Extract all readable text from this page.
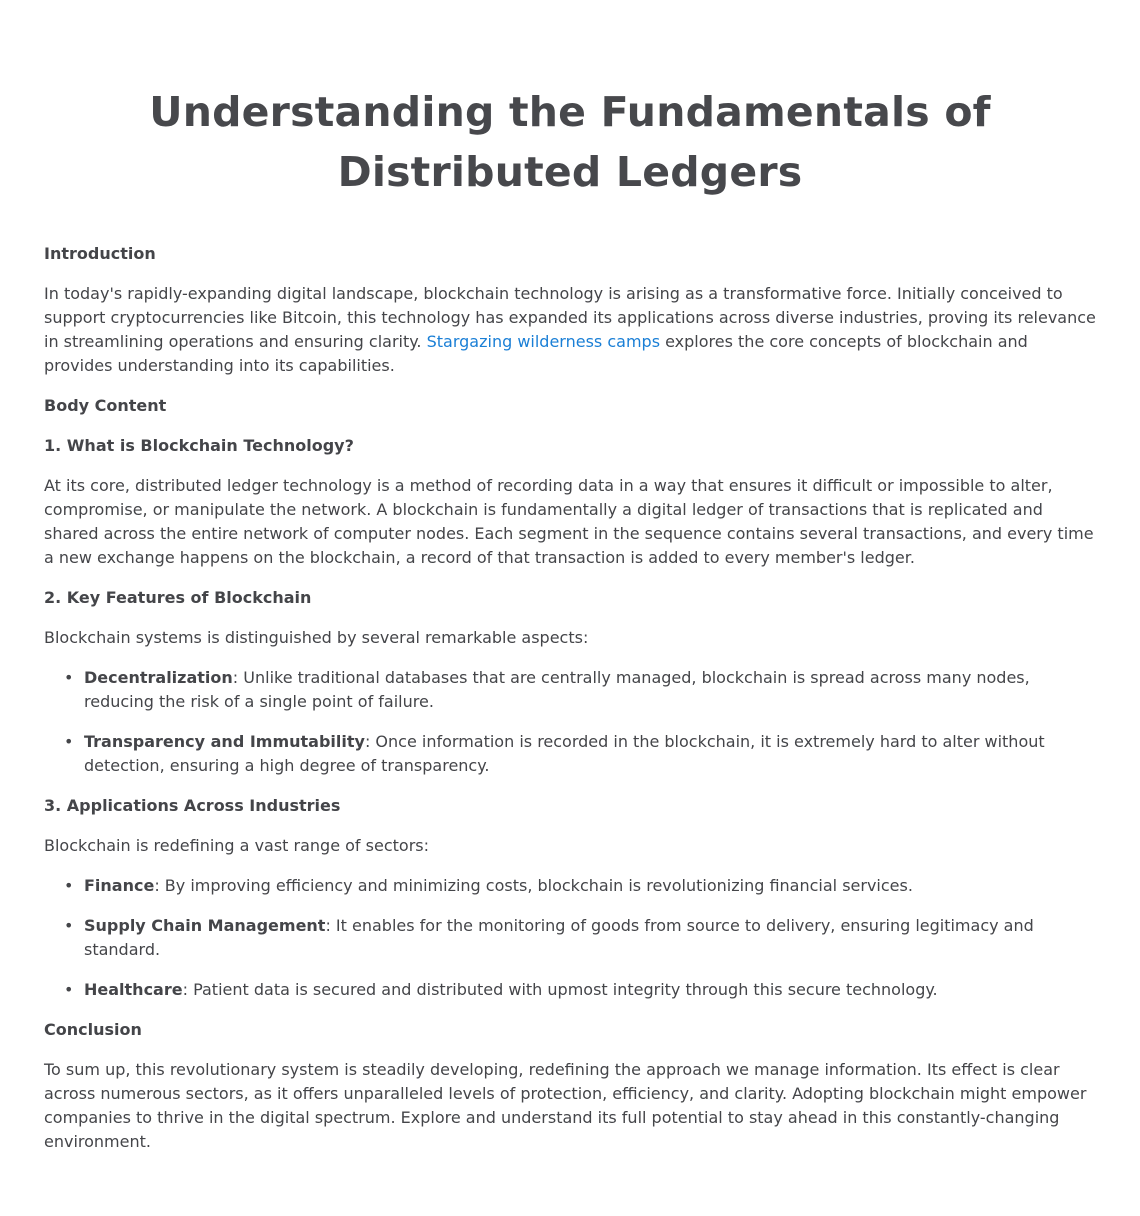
Understanding the Fundamentals of Distributed Ledgers

Introduction

In today's rapidly-expanding digital landscape, blockchain technology is arising as a transformative force. Initially conceived to support cryptocurrencies like Bitcoin, this technology has expanded its applications across diverse industries, proving its relevance in streamlining operations and ensuring clarity. Stargazing wilderness camps explores the core concepts of blockchain and provides understanding into its capabilities.

Body Content

1. What is Blockchain Technology?

At its core, distributed ledger technology is a method of recording data in a way that ensures it difficult or impossible to alter, compromise, or manipulate the network. A blockchain is fundamentally a digital ledger of transactions that is replicated and shared across the entire network of computer nodes. Each segment in the sequence contains several transactions, and every time a new exchange happens on the blockchain, a record of that transaction is added to every member's ledger.

2. Key Features of Blockchain

Blockchain systems is distinguished by several remarkable aspects:

• Decentralization: Unlike traditional databases that are centrally managed, blockchain is spread across many nodes, reducing the risk of a single point of failure.
• Transparency and Immutability: Once information is recorded in the blockchain, it is extremely hard to alter without detection, ensuring a high degree of transparency.

3. Applications Across Industries

Blockchain is redefining a vast range of sectors:

• Finance: By improving efficiency and minimizing costs, blockchain is revolutionizing financial services.
• Supply Chain Management: It enables for the monitoring of goods from source to delivery, ensuring legitimacy and standard.
• Healthcare: Patient data is secured and distributed with upmost integrity through this secure technology.

Conclusion

To sum up, this revolutionary system is steadily developing, redefining the approach we manage information. Its effect is clear across numerous sectors, as it offers unparalleled levels of protection, efficiency, and clarity. Adopting blockchain might empower companies to thrive in the digital spectrum. Explore and understand its full potential to stay ahead in this constantly-changing environment.
